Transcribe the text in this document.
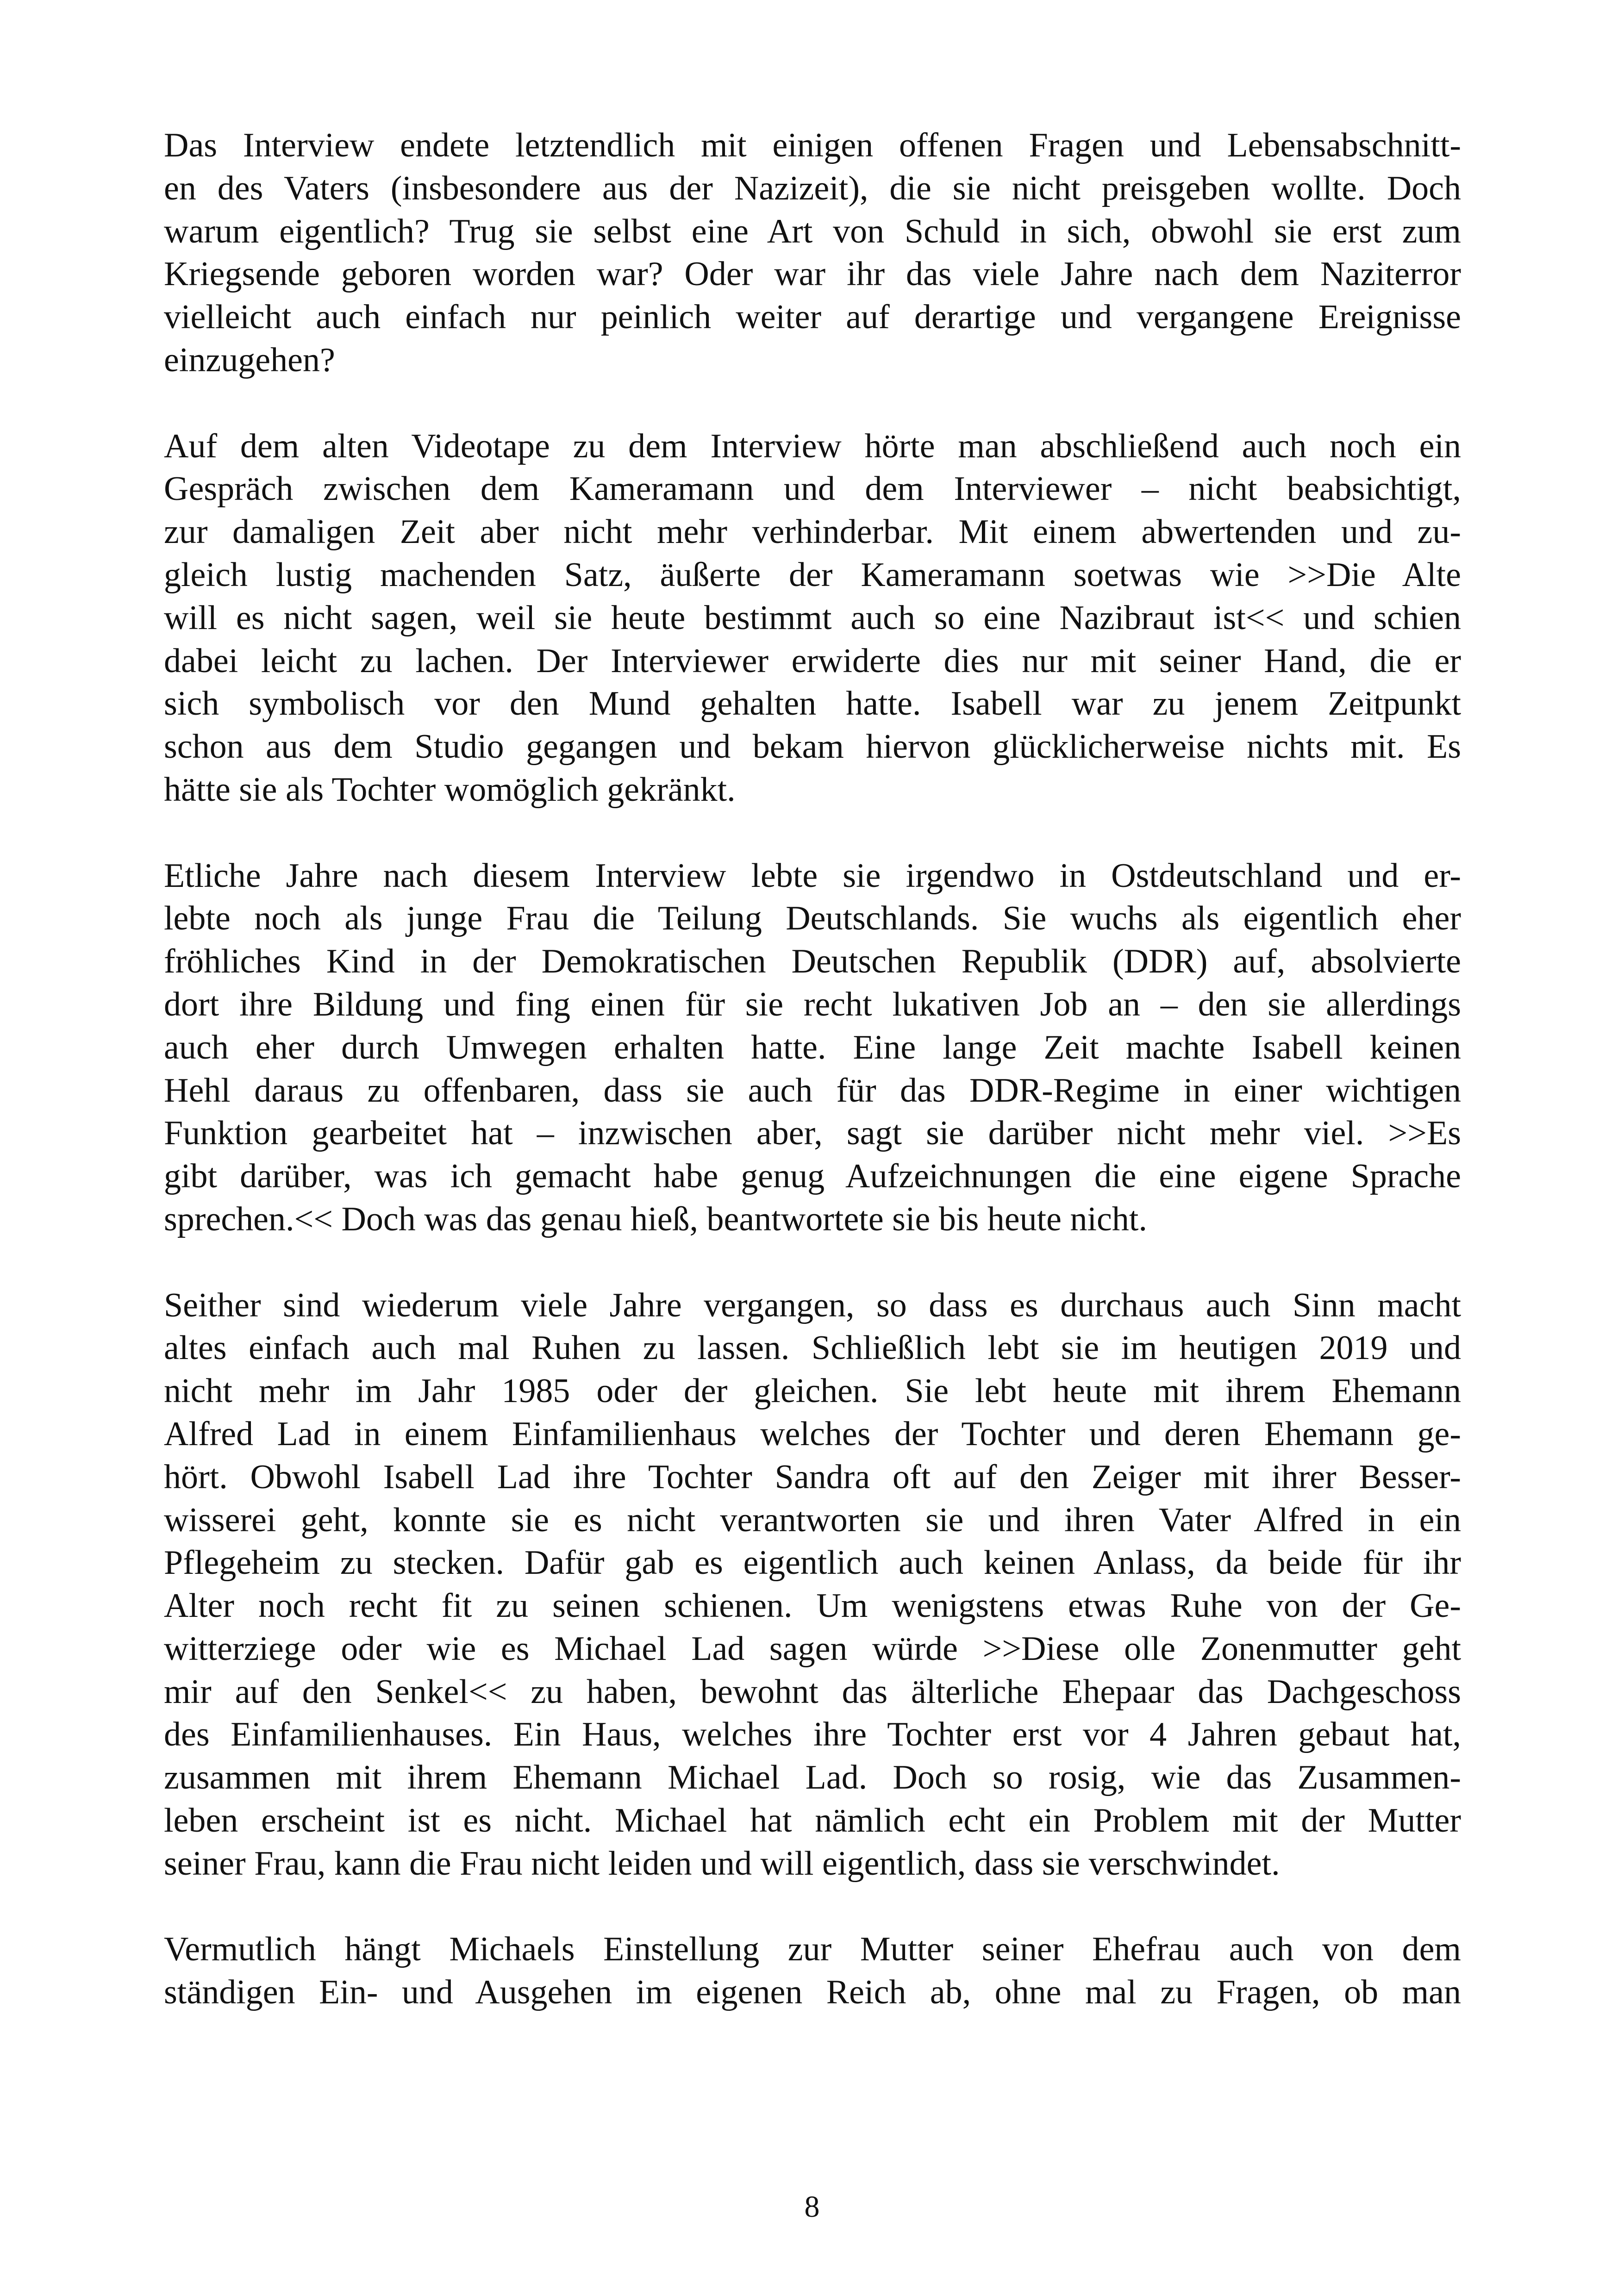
Das Interview endete letztendlich mit einigen offenen Fragen und Lebensabschnitt-
en des Vaters (insbesondere aus der Nazizeit), die sie nicht preisgeben wollte. Doch
warum eigentlich? Trug sie selbst eine Art von Schuld in sich, obwohl sie erst zum
Kriegsende geboren worden war? Oder war ihr das viele Jahre nach dem Naziterror
vielleicht auch einfach nur peinlich weiter auf derartige und vergangene Ereignisse
einzugehen?
Auf dem alten Videotape zu dem Interview hörte man abschließend auch noch ein
Gespräch zwischen dem Kameramann und dem Interviewer – nicht beabsichtigt,
zur damaligen Zeit aber nicht mehr verhinderbar. Mit einem abwertenden und zu-
gleich lustig machenden Satz, äußerte der Kameramann soetwas wie >>Die Alte
will es nicht sagen, weil sie heute bestimmt auch so eine Nazibraut ist<< und schien
dabei leicht zu lachen. Der Interviewer erwiderte dies nur mit seiner Hand, die er
sich symbolisch vor den Mund gehalten hatte. Isabell war zu jenem Zeitpunkt
schon aus dem Studio gegangen und bekam hiervon glücklicherweise nichts mit. Es
hätte sie als Tochter womöglich gekränkt.
Etliche Jahre nach diesem Interview lebte sie irgendwo in Ostdeutschland und er-
lebte noch als junge Frau die Teilung Deutschlands. Sie wuchs als eigentlich eher
fröhliches Kind in der Demokratischen Deutschen Republik (DDR) auf, absolvierte
dort ihre Bildung und fing einen für sie recht lukativen Job an – den sie allerdings
auch eher durch Umwegen erhalten hatte. Eine lange Zeit machte Isabell keinen
Hehl daraus zu offenbaren, dass sie auch für das DDR-Regime in einer wichtigen
Funktion gearbeitet hat – inzwischen aber, sagt sie darüber nicht mehr viel. >>Es
gibt darüber, was ich gemacht habe genug Aufzeichnungen die eine eigene Sprache
sprechen.<< Doch was das genau hieß, beantwortete sie bis heute nicht.
Seither sind wiederum viele Jahre vergangen, so dass es durchaus auch Sinn macht
altes einfach auch mal Ruhen zu lassen. Schließlich lebt sie im heutigen 2019 und
nicht mehr im Jahr 1985 oder der gleichen. Sie lebt heute mit ihrem Ehemann
Alfred Lad in einem Einfamilienhaus welches der Tochter und deren Ehemann ge-
hört. Obwohl Isabell Lad ihre Tochter Sandra oft auf den Zeiger mit ihrer Besser-
wisserei geht, konnte sie es nicht verantworten sie und ihren Vater Alfred in ein
Pflegeheim zu stecken. Dafür gab es eigentlich auch keinen Anlass, da beide für ihr
Alter noch recht fit zu seinen schienen. Um wenigstens etwas Ruhe von der Ge-
witterziege oder wie es Michael Lad sagen würde >>Diese olle Zonenmutter geht
mir auf den Senkel<< zu haben, bewohnt das älterliche Ehepaar das Dachgeschoss
des Einfamilienhauses. Ein Haus, welches ihre Tochter erst vor 4 Jahren gebaut hat,
zusammen mit ihrem Ehemann Michael Lad. Doch so rosig, wie das Zusammen-
leben erscheint ist es nicht. Michael hat nämlich echt ein Problem mit der Mutter
seiner Frau, kann die Frau nicht leiden und will eigentlich, dass sie verschwindet.
Vermutlich hängt Michaels Einstellung zur Mutter seiner Ehefrau auch von dem
ständigen Ein- und Ausgehen im eigenen Reich ab, ohne mal zu Fragen, ob man
8
